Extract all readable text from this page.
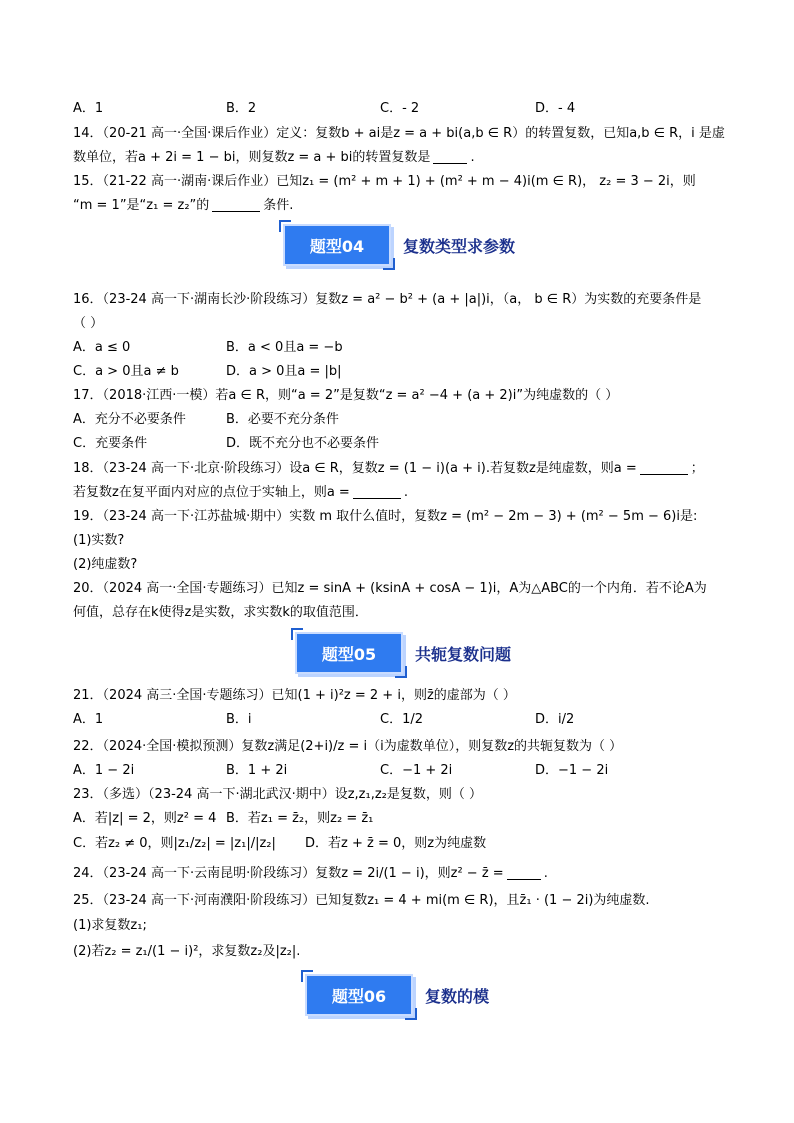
A．1	B．2	C．- 2	D．- 4
14．（20-21 高一·全国·课后作业）定义：复数b + ai是z = a + bi(a,b ∈ R）的转置复数，已知a,b ∈ R，i 是虚
数单位，若a + 2i = 1 − bi，则复数z = a + bi的转置复数是	.
15．（21-22 高一·湖南·课后作业）已知z₁ = (m² + m + 1) + (m² + m − 4)i(m ∈ R)， z₂ = 3 − 2i，则
“m = 1”是“z₁ = z₂”的	条件.
题型04	复数类型求参数
16．（23-24 高一下·湖南长沙·阶段练习）复数z = a² − b² + (a + |a|)i，（a， b ∈ R）为实数的充要条件是
（ ）
A．a ≤ 0	B．a < 0且a = −b
C．a > 0且a ≠ b	D．a > 0且a = |b|
17．（2018·江西·一模）若a ∈ R，则“a = 2”是复数“z = a² −4 + (a + 2)i”为纯虚数的（ ）
A．充分不必要条件	B．必要不充分条件
C．充要条件	D．既不充分也不必要条件
18．（23-24 高一下·北京·阶段练习）设a ∈ R，复数z = (1 − i)(a + i).若复数z是纯虚数，则a =	；
若复数z在复平面内对应的点位于实轴上，则a =	.
19．（23-24 高一下·江苏盐城·期中）实数 m 取什么值时，复数z = (m² − 2m − 3) + (m² − 5m − 6)i是:
(1)实数?
(2)纯虚数?
20．（2024 高一·全国·专题练习）已知z = sinA + (ksinA + cosA − 1)i，A为△ABC的一个内角．若不论A为
何值，总存在k使得z是实数，求实数k的取值范围．
题型05	共轭复数问题
21．（2024 高三·全国·专题练习）已知(1 + i)²z = 2 + i，则z̄的虚部为（ ）
A．1	B．i	C．1/2	D．i/2
22．（2024·全国·模拟预测）复数z满足(2+i)/z = i（i为虚数单位），则复数z的共轭复数为（ ）
A．1 − 2i	B．1 + 2i	C．−1 + 2i	D．−1 − 2i
23．（多选）（23-24 高一下·湖北武汉·期中）设z,z₁,z₂是复数，则（ ）
A．若|z| = 2，则z² = 4 B．若z₁ = z̄₂，则z₂ = z̄₁
C．若z₂ ≠ 0，则|z₁/z₂| = |z₁|/|z₂| D．若z + z̄ = 0，则z为纯虚数
24．（23-24 高一下·云南昆明·阶段练习）复数z = 2i/(1 − i)，则z² − z̄ =	.
25．（23-24 高一下·河南濮阳·阶段练习）已知复数z₁ = 4 + mi(m ∈ R)，且z̄₁ · (1 − 2i)为纯虚数.
(1)求复数z₁;
(2)若z₂ = z₁/(1 − i)²，求复数z₂及|z₂|.
题型06	复数的模
